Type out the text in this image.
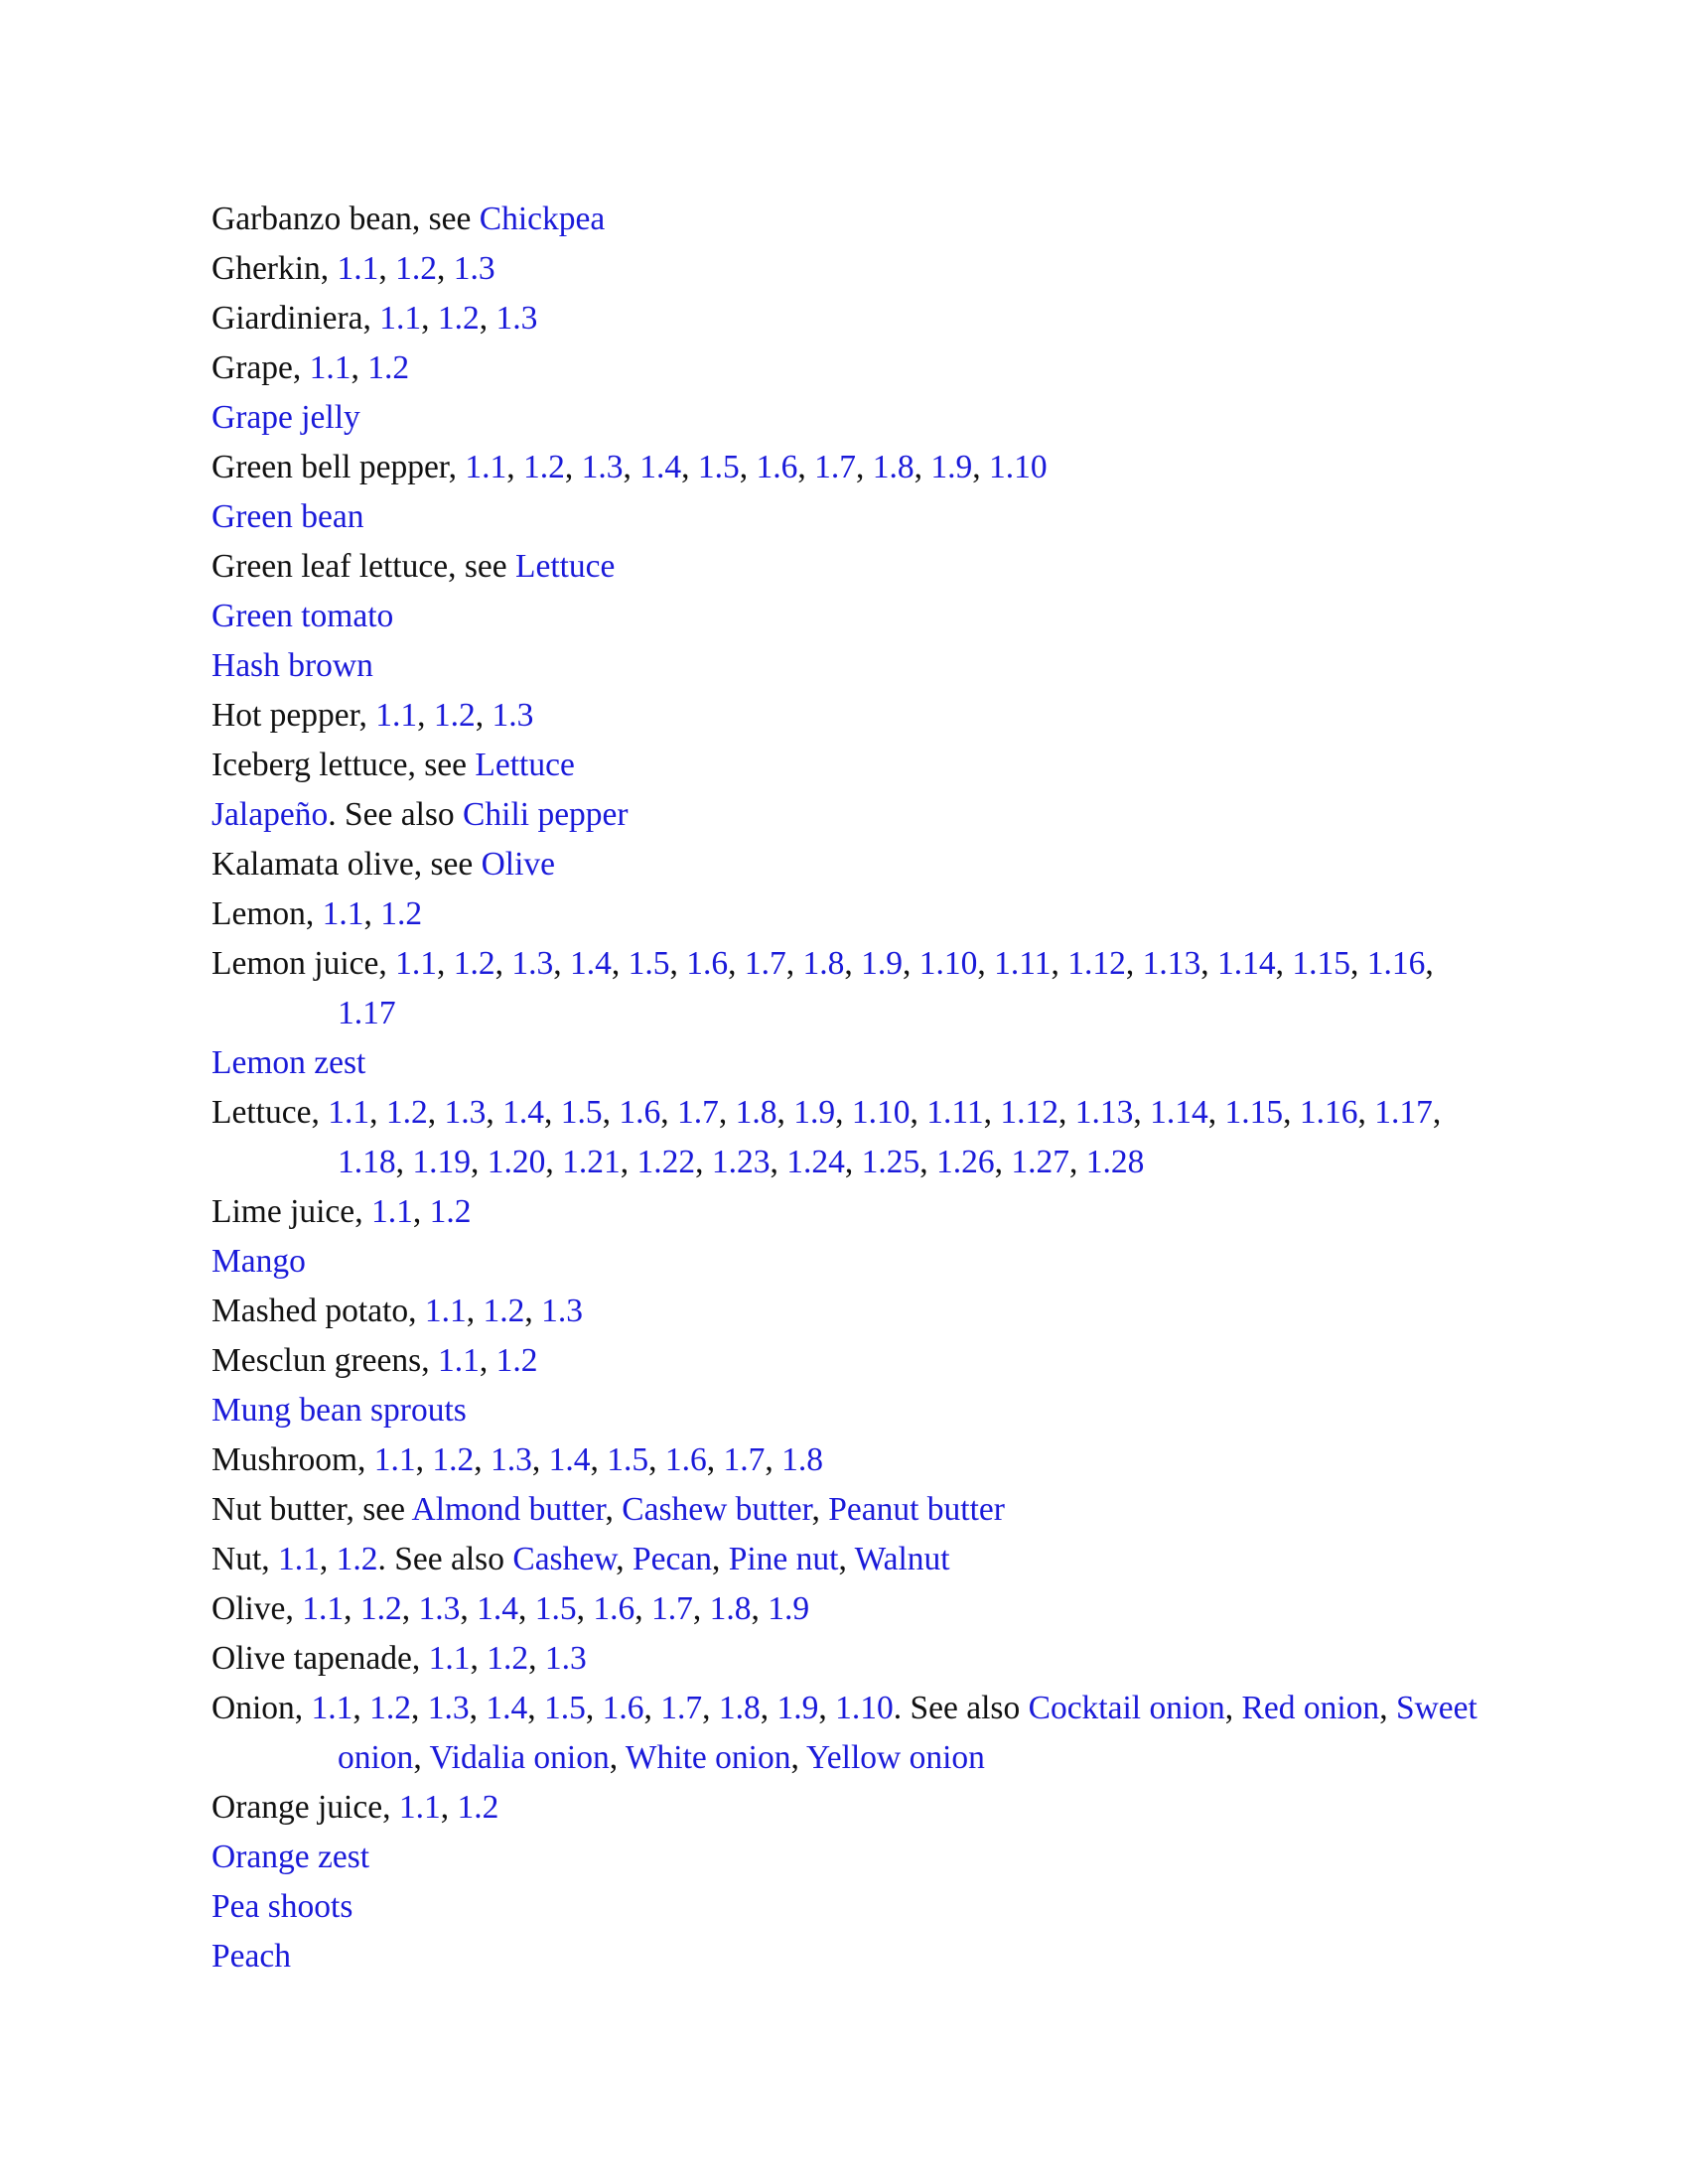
Garbanzo bean, see Chickpea
Gherkin, 1.1, 1.2, 1.3
Giardiniera, 1.1, 1.2, 1.3
Grape, 1.1, 1.2
Grape jelly
Green bell pepper, 1.1, 1.2, 1.3, 1.4, 1.5, 1.6, 1.7, 1.8, 1.9, 1.10
Green bean
Green leaf lettuce, see Lettuce
Green tomato
Hash brown
Hot pepper, 1.1, 1.2, 1.3
Iceberg lettuce, see Lettuce
Jalapeño. See also Chili pepper
Kalamata olive, see Olive
Lemon, 1.1, 1.2
Lemon juice, 1.1, 1.2, 1.3, 1.4, 1.5, 1.6, 1.7, 1.8, 1.9, 1.10, 1.11, 1.12, 1.13, 1.14, 1.15, 1.16, 1.17
Lemon zest
Lettuce, 1.1, 1.2, 1.3, 1.4, 1.5, 1.6, 1.7, 1.8, 1.9, 1.10, 1.11, 1.12, 1.13, 1.14, 1.15, 1.16, 1.17, 1.18, 1.19, 1.20, 1.21, 1.22, 1.23, 1.24, 1.25, 1.26, 1.27, 1.28
Lime juice, 1.1, 1.2
Mango
Mashed potato, 1.1, 1.2, 1.3
Mesclun greens, 1.1, 1.2
Mung bean sprouts
Mushroom, 1.1, 1.2, 1.3, 1.4, 1.5, 1.6, 1.7, 1.8
Nut butter, see Almond butter, Cashew butter, Peanut butter
Nut, 1.1, 1.2. See also Cashew, Pecan, Pine nut, Walnut
Olive, 1.1, 1.2, 1.3, 1.4, 1.5, 1.6, 1.7, 1.8, 1.9
Olive tapenade, 1.1, 1.2, 1.3
Onion, 1.1, 1.2, 1.3, 1.4, 1.5, 1.6, 1.7, 1.8, 1.9, 1.10. See also Cocktail onion, Red onion, Sweet onion, Vidalia onion, White onion, Yellow onion
Orange juice, 1.1, 1.2
Orange zest
Pea shoots
Peach
